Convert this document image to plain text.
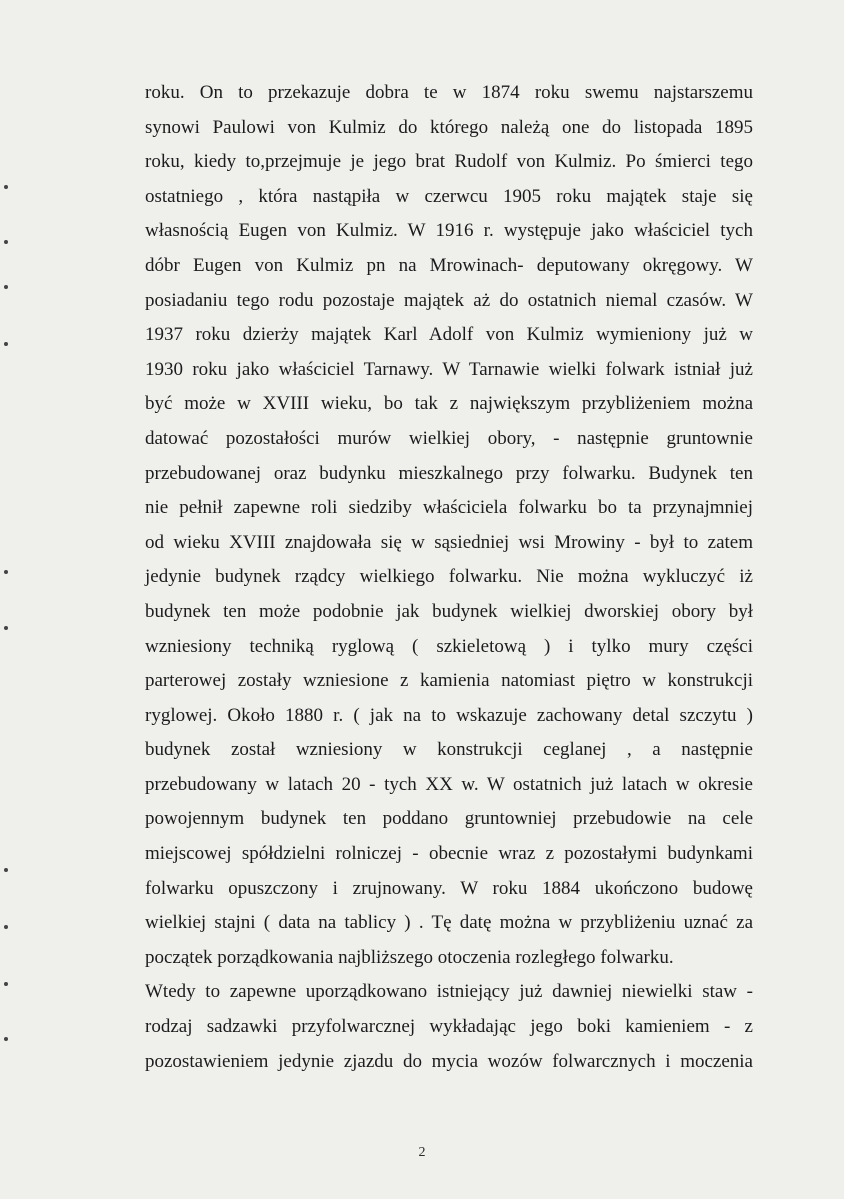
roku. On to przekazuje dobra te w 1874 roku swemu najstarszemu
synowi Paulowi von Kulmiz do którego należą one do listopada 1895
roku, kiedy to,przejmuje je jego brat Rudolf von Kulmiz. Po śmierci tego
ostatniego , która nastąpiła w czerwcu 1905 roku majątek staje się
własnością Eugen von Kulmiz. W 1916 r. występuje jako właściciel tych
dóbr Eugen von Kulmiz pn na Mrowinach- deputowany okręgowy. W
posiadaniu tego rodu pozostaje majątek aż do ostatnich niemal czasów. W
1937 roku dzierży majątek Karl Adolf von Kulmiz wymieniony już w
1930 roku jako właściciel Tarnawy. W Tarnawie wielki folwark istniał już
być może w XVIII wieku, bo tak z największym przybliżeniem można
datować pozostałości murów wielkiej obory, - następnie gruntownie
przebudowanej oraz budynku mieszkalnego przy folwarku. Budynek ten
nie pełnił zapewne roli siedziby właściciela folwarku bo ta przynajmniej
od wieku XVIII znajdowała się w sąsiedniej wsi Mrowiny - był to zatem
jedynie budynek rządcy wielkiego folwarku. Nie można wykluczyć iż
budynek ten może podobnie jak budynek wielkiej dworskiej obory był
wzniesiony techniką ryglową ( szkieletową ) i tylko mury części
parterowej zostały wzniesione z kamienia natomiast piętro w konstrukcji
ryglowej. Około 1880 r. ( jak na to wskazuje zachowany detal szczytu )
budynek został wzniesiony w konstrukcji ceglanej , a następnie
przebudowany w latach 20 - tych XX w. W ostatnich już latach w okresie
powojennym budynek ten poddano gruntowniej przebudowie na cele
miejscowej spółdzielni rolniczej - obecnie wraz z pozostałymi budynkami
folwarku opuszczony i zrujnowany. W roku 1884 ukończono budowę
wielkiej stajni ( data na tablicy ) . Tę datę można w przybliżeniu uznać za
początek porządkowania najbliższego otoczenia rozległego folwarku.
Wtedy to zapewne uporządkowano istniejący już dawniej niewielki staw -
rodzaj sadzawki przyfolwarcznej wykładając jego boki kamieniem - z
pozostawieniem jedynie zjazdu do mycia wozów folwarcznych i moczenia
2
